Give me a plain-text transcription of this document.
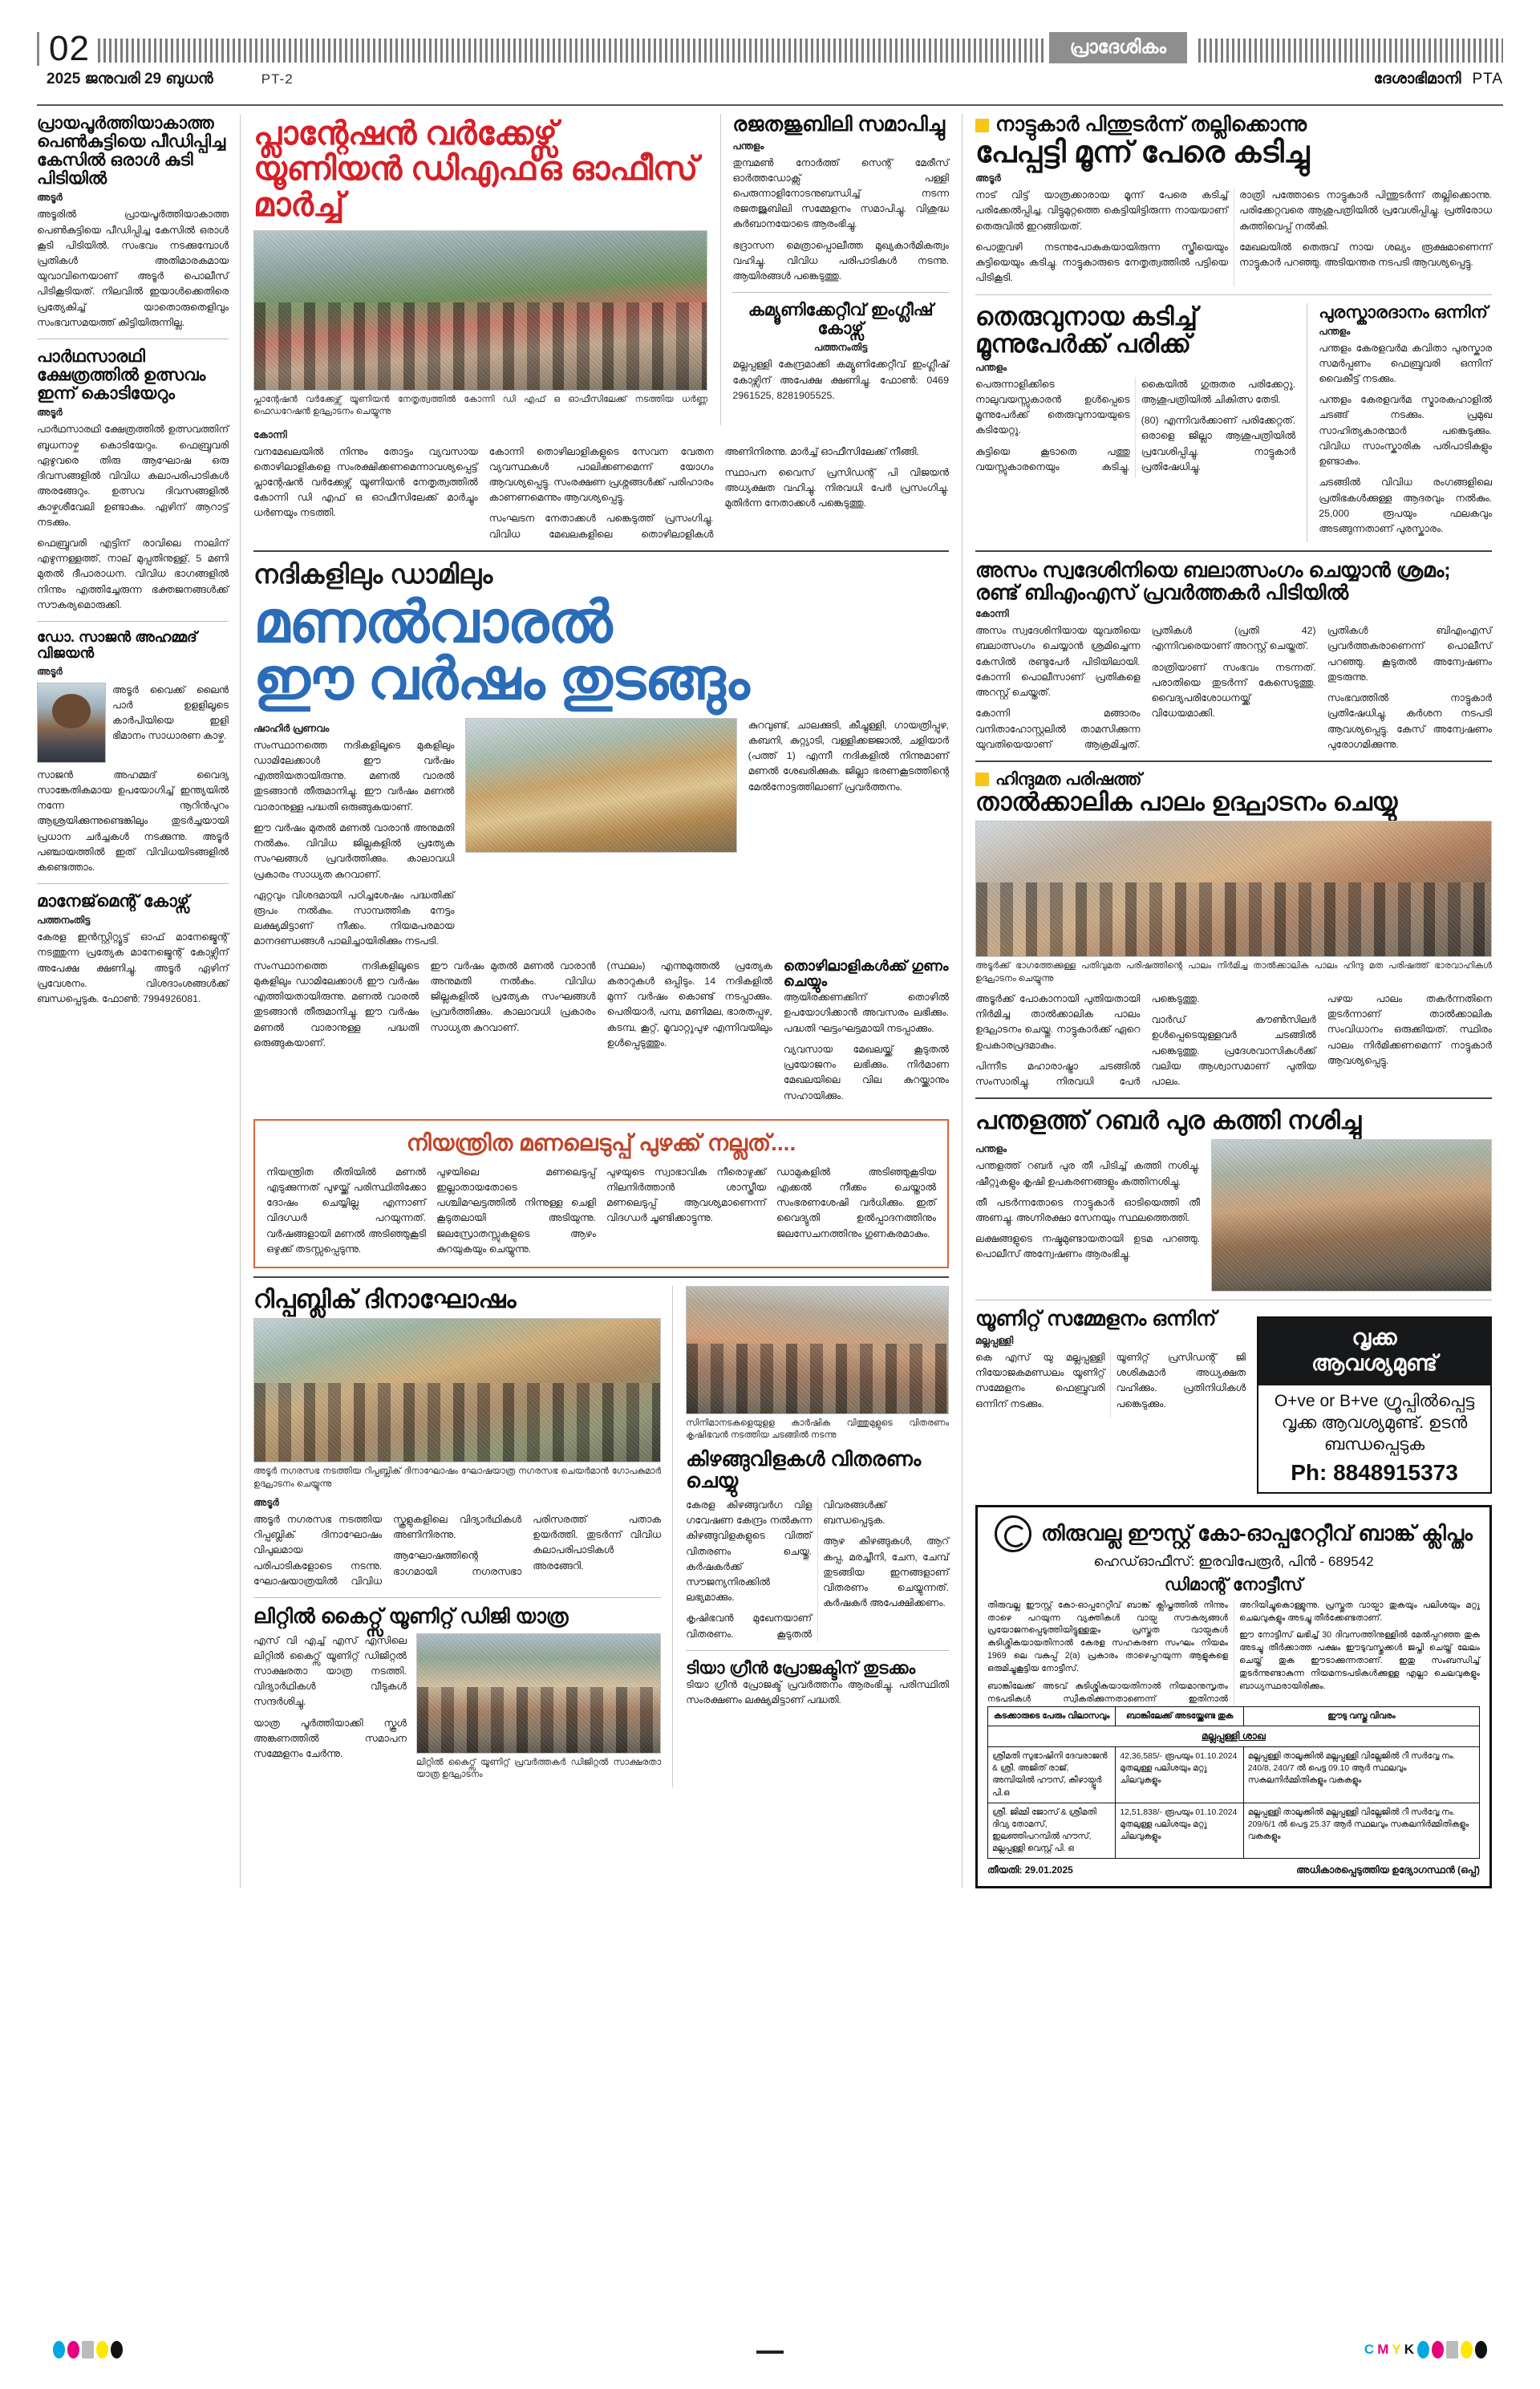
02	പ്രാദേശികം
2025 ജനുവരി 29 ബുധൻ	PT-2	ദേശാഭിമാനി PTA
പ്രായപൂർത്തിയാകാത്ത പെൺകുട്ടിയെ പീഡിപ്പിച്ച കേസിൽ ഒരാൾ കുടി പിടിയിൽ
അടൂർ

അടൂരിൽ പ്രായപൂർത്തിയാകാത്ത പെൺകുട്ടിയെ പീഡിപ്പിച്ച കേസിൽ ഒരാൾ കൂടി പിടിയിൽ. സംഭവം നടക്കുമ്പോൾ പ്രതികൾ അതിമാരകമായ യുവാവിനെയാണ് അടൂർ പൊലീസ് പിടികൂടിയത്. നിലവിൽ ഇയാൾക്കെതിരെ പ്രത്യേകിച്ച് യാതൊരുതെളിവും സംഭവസമയത്ത് കിട്ടിയിരുന്നില്ല.

പാർഥസാരഥി ക്ഷേത്രത്തിൽ ഉത്സവം ഇന്ന് കൊടിയേറും
അടൂർ

പാർഥസാരഥി ക്ഷേത്രത്തിൽ ഉത്സവത്തിന് ബുധനാഴ്ച കൊടിയേറും. ഫെബ്രുവരി ഏഴുവരെ തിരു ആഘോഷ ഒരു ദിവസങ്ങളിൽ വിവിധ കലാപരിപാടികൾ അരങ്ങേറും. ഉത്സവ ദിവസങ്ങളിൽ കാഴ്ചശീവേലി ഉണ്ടാകും. ഏഴിന് ആറാട്ട് നടക്കും.

ഫെബ്രുവരി എട്ടിന് രാവിലെ നാലിന് എഴുന്നള്ളത്ത്, നാല് മുപ്പതിനുള്ള്, 5 മണി മുതൽ ദീപാരാധന. വിവിധ ഭാഗങ്ങളിൽ നിന്നും എത്തിച്ചേരുന്ന ഭക്തജനങ്ങൾക്ക് സൗകര്യമൊരുക്കി.

ഡോ. സാജൻ അഹമ്മദ് വിജയൻ
അടൂർ

അടൂർ വൈക്ക് ലൈൻ പാർ ഉളളിലൂടെ കാർപിയിയെ ഇളി ഭിമാനം സാധാരണ കാഴ്ച.

സാജൻ അഹമ്മദ് വൈദ്യ സാങ്കേതികമായ ഉപയോഗിച്ച് ഇന്ത്യയിൽ നന്നേ നൂറിൻപുറം ആശ്രയിക്കുന്നുണ്ടെങ്കിലും തുടർച്ചയായി പ്രധാന ചർച്ചകൾ നടക്കുന്നു. അടൂർ പഞ്ചായത്തിൽ ഇത് വിവിധയിടങ്ങളിൽ കണ്ടെത്താം.

മാനേജ്‌മെന്റ് കോഴ്സ്
പത്തനംതിട്ട

കേരള ഇൻസ്റ്റിറ്റ്യൂട്ട് ഓഫ് മാനേജ്മെന്റ് നടത്തുന്ന പ്രത്യേക മാനേജ്മെന്റ് കോഴ്സിന് അപേക്ഷ ക്ഷണിച്ചു. അടൂർ ഏഴിന് പ്രവേശനം. വിശദാംശങ്ങൾക്ക് ബന്ധപ്പെടുക. ഫോൺ: 7994926081.

പ്ലാന്റേഷൻ വർക്കേഴ്സ് യൂണിയൻ ഡിഎഫ്ഒ ഓഫീസ് മാർച്ച്
പ്ലാന്റേഷൻ വർക്കേഴ്സ് യൂണിയൻ നേതൃത്വത്തിൽ കോന്നി ഡി എഫ് ഒ ഓഫീസിലേക്ക് നടത്തിയ ധർണ്ണ ഫെഡറേഷൻ ഉദ്ഘാടനം ചെയ്യുന്നു
രജതജുബിലി സമാപിച്ചു
പന്തളം

തുമ്പമൺ നോർത്ത് സെന്റ് മേരീസ് ഓർത്തഡോക്സ് പള്ളി പെരുന്നാളിനോടനുബന്ധിച്ച് നടന്ന രജതജുബിലി സമ്മേളനം സമാപിച്ചു. വിശുദ്ധ കുർബാനയോടെ ആരംഭിച്ചു.

ഭദ്രാസന മെത്രാപ്പൊലീത്ത മുഖ്യകാർമികത്വം വഹിച്ചു. വിവിധ പരിപാടികൾ നടന്നു. ആയിരങ്ങൾ പങ്കെടുത്തു.

കമ്യൂണിക്കേറ്റീവ് ഇംഗ്ലീഷ് കോഴ്സ്
പത്തനംതിട്ട

മല്ലപ്പള്ളി കേന്ദ്രമാക്കി കമ്യൂണിക്കേറ്റീവ് ഇംഗ്ലീഷ് കോഴ്സിന് അപേക്ഷ ക്ഷണിച്ചു. ഫോൺ: 0469 2961525, 8281905525.

കോന്നി

വനമേഖലയിൽ നിന്നും തോട്ടം വ്യവസായ തൊഴിലാളികളെ സംരക്ഷിക്കണമെന്നാവശ്യപ്പെട്ട് പ്ലാന്റേഷൻ വർക്കേഴ്സ് യൂണിയൻ നേതൃത്വത്തിൽ കോന്നി ഡി എഫ് ഒ ഓഫീസിലേക്ക് മാർച്ചും ധർണയും നടത്തി.

കോന്നി തൊഴിലാളികളുടെ സേവന വേതന വ്യവസ്ഥകൾ പാലിക്കണമെന്ന് യോഗം ആവശ്യപ്പെട്ടു. സംരക്ഷണ പ്രശ്നങ്ങൾക്ക് പരിഹാരം കാണണമെന്നും ആവശ്യപ്പെട്ടു.

സംഘടന നേതാക്കൾ പങ്കെടുത്ത് പ്രസംഗിച്ചു. വിവിധ മേഖലകളിലെ തൊഴിലാളികൾ അണിനിരന്നു. മാർച്ച് ഓഫീസിലേക്ക് നീങ്ങി.

സ്ഥാപന വൈസ് പ്രസിഡന്റ് പി വിജയൻ അധ്യക്ഷത വഹിച്ചു. നിരവധി പേർ പ്രസംഗിച്ചു. മുതിർന്ന നേതാക്കൾ പങ്കെടുത്തു.

നദികളിലും ഡാമിലും
മണൽവാരൽ
ഈ വർഷം തുടങ്ങും
ഷാഹിർ പ്രണവം

സംസ്ഥാനത്തെ നദികളിലൂടെ മുകളിലും ഡാമിലേക്കാൾ ഈ വർഷം എത്തിയതായിരുന്നു. മണൽ വാരൽ തുടങ്ങാൻ തീരുമാനിച്ചു. ഈ വർഷം മണൽ വാരാനുള്ള പദ്ധതി ഒരുങ്ങുകയാണ്.

ഈ വർഷം മുതൽ മണൽ വാരാൻ അനുമതി നൽകും. വിവിധ ജില്ലകളിൽ പ്രത്യേക സംഘങ്ങൾ പ്രവർത്തിക്കും. കാലാവധി പ്രകാരം സാധ്യത കുറവാണ്.

ഏറ്റവും വിശദമായി പഠിച്ചശേഷം പദ്ധതിക്ക് രൂപം നൽകും. സാമ്പത്തിക നേട്ടം ലക്ഷ്യമിട്ടാണ് നീക്കം. നിയമപരമായ മാനദണ്ഡങ്ങൾ പാലിച്ചായിരിക്കും നടപടി.

കുറവുണ്ട്, ചാലക്കുടി, കീച്ചുള്ളി, ഗായത്രിപ്പുഴ, കബനി, കുറ്റ്യാടി, വള്ളിക്കജ്ജാൽ, ചളിയാർ (പത്ത് 1) എന്നീ നദികളിൽ നിന്നുമാണ് മണൽ ശേഖരിക്കുക. ജില്ലാ ഭരണകൂടത്തിന്റെ മേൽനോട്ടത്തിലാണ് പ്രവർത്തനം.

സംസ്ഥാനത്തെ നദികളിലൂടെ മുകളിലും ഡാമിലേക്കാൾ ഈ വർഷം എത്തിയതായിരുന്നു. മണൽ വാരൽ തുടങ്ങാൻ തീരുമാനിച്ചു. ഈ വർഷം മണൽ വാരാനുള്ള പദ്ധതി ഒരുങ്ങുകയാണ്.

ഈ വർഷം മുതൽ മണൽ വാരാൻ അനുമതി നൽകും. വിവിധ ജില്ലകളിൽ പ്രത്യേക സംഘങ്ങൾ പ്രവർത്തിക്കും. കാലാവധി പ്രകാരം സാധ്യത കുറവാണ്.

(സ്ഥലം) എന്നുമുത്തൽ പ്രത്യേക കരാറുകൾ ഒപ്പിടും. 14 നദികളിൽ മുന്ന് വർഷം കൊണ്ട് നടപ്പാക്കും. പെരിയാർ, പമ്പ, മണിമല, ഭാരതപ്പുഴ, കടമ്പ, കൂറ്റ്, മൂവാറ്റുപുഴ എന്നിവയിലും ഉൾപ്പെടുത്തും.

തൊഴിലാളികൾക്ക് ഗുണം ചെയ്യും

ആയിരക്കണക്കിന് തൊഴിൽ ഉപയോഗിക്കാൻ അവസരം ലഭിക്കും. പദ്ധതി ഘട്ടംഘട്ടമായി നടപ്പാക്കും.

വ്യവസായ മേഖലയ്ക്ക് കൂടുതൽ പ്രയോജനം ലഭിക്കും. നിർമാണ മേഖലയിലെ വില കുറയ്ക്കാനും സഹായിക്കും.

നിയന്ത്രിത മണലെടുപ്പ് പുഴക്ക് നല്ലത്....

നിയന്ത്രിത രീതിയിൽ മണൽ എടുക്കുന്നത് പുഴയ്ക്ക് പരിസ്ഥിതിക്കോ ദോഷം ചെയ്യില്ല എന്നാണ് വിദഗ്ധർ പറയുന്നത്. വർഷങ്ങളായി മണൽ അടിഞ്ഞുകൂടി ഒഴുക്ക് തടസ്സപ്പെടുന്നു.

പുഴയിലെ മണലെടുപ്പ് ഇല്ലാതായതോടെ പശ്ചിമഘട്ടത്തിൽ നിന്നുള്ള ചെളി കൂടുതലായി അടിയുന്നു. ജലസ്രോതസ്സുകളുടെ ആഴം കുറയുകയും ചെയ്യുന്നു.

പുഴയുടെ സ്വാഭാവിക നീരൊഴുക്ക് നിലനിർത്താൻ ശാസ്ത്രീയ മണലെടുപ്പ് ആവശ്യമാണെന്ന് വിദഗ്ധർ ചൂണ്ടിക്കാട്ടുന്നു.

ഡാമുകളിൽ അടിഞ്ഞുകൂടിയ എക്കൽ നീക്കം ചെയ്താൽ സംഭരണശേഷി വർധിക്കും. ഇത് വൈദ്യുതി ഉൽപ്പാദനത്തിനും ജലസേചനത്തിനും ഗുണകരമാകും.

റിപ്പബ്ലിക് ദിനാഘോഷം
അടൂർ നഗരസഭ നടത്തിയ റിപ്പബ്ലിക് ദിനാഘോഷം ഘോഷയാത്ര നഗരസഭ ചെയർമാൻ ഗോപകുമാർ ഉദ്ഘാടനം ചെയ്യുന്നു
അടൂർ

അടൂർ നഗരസഭ നടത്തിയ റിപ്പബ്ലിക് ദിനാഘോഷം വിപുലമായ പരിപാടികളോടെ നടന്നു. ഘോഷയാത്രയിൽ വിവിധ സ്കൂളുകളിലെ വിദ്യാർഥികൾ അണിനിരന്നു.

ആഘോഷത്തിന്റെ ഭാഗമായി നഗരസഭാ പരിസരത്ത് പതാക ഉയർത്തി. തുടർന്ന് വിവിധ കലാപരിപാടികൾ അരങ്ങേറി.

ലിറ്റിൽ കൈറ്റ്സ് യൂണിറ്റ് ഡിജി യാത്ര

എസ് വി എച്ച് എസ് എസിലെ ലിറ്റിൽ കൈറ്റ്സ് യൂണിറ്റ് ഡിജിറ്റൽ സാക്ഷരതാ യാത്ര നടത്തി. വിദ്യാർഥികൾ വീടുകൾ സന്ദർശിച്ചു.

യാത്ര പൂർത്തിയാക്കി സ്കൂൾ അങ്കണത്തിൽ സമാപന സമ്മേളനം ചേർന്നു.

ലിറ്റിൽ കൈറ്റ്സ് യൂണിറ്റ് പ്രവർത്തകർ ഡിജിറ്റൽ സാക്ഷരതാ യാത്ര ഉദ്ഘാടനം
സിനിമാനടകളെയുളള കാർഷിക വിത്തുമുളുടെ വിതരണം കൃഷിഭവൻ നടത്തിയ ചടങ്ങിൽ നടന്നു
കിഴങ്ങുവിളകൾ വിതരണം ചെയ്യു

കേരള കിഴങ്ങുവർഗ വിള ഗവേഷണ കേന്ദ്രം നൽകുന്ന കിഴങ്ങുവിളകളുടെ വിത്ത് വിതരണം ചെയ്തു. കർഷകർക്ക് സൗജന്യനിരക്കിൽ ലഭ്യമാക്കും.

കൃഷിഭവൻ മുഖേനയാണ് വിതരണം. കൂടുതൽ വിവരങ്ങൾക്ക് ബന്ധപ്പെടുക.

ആഴ കിഴങ്ങുകൾ, ആറ് കപ്പ, മരച്ചീനി, ചേന, ചേമ്പ് തുടങ്ങിയ ഇനങ്ങളാണ് വിതരണം ചെയ്യുന്നത്. കർഷകർ അപേക്ഷിക്കണം.

ടിയാ ഗ്രീൻ പ്രോജക്ടിന് തുടക്കം

ടിയാ ഗ്രീൻ പ്രോജക്ട് പ്രവർത്തനം ആരംഭിച്ചു. പരിസ്ഥിതി സംരക്ഷണം ലക്ഷ്യമിട്ടാണ് പദ്ധതി.

നാട്ടുകാർ പിന്തുടർന്ന് തല്ലിക്കൊന്നു
പേപ്പട്ടി മൂന്ന് പേരെ കടിച്ചു
അടൂർ

നാട് വിട്ട് യാത്രക്കാരായ മൂന്ന് പേരെ കടിച്ച് പരിക്കേൽപ്പിച്ച. വിട്ടുമുറ്റത്തെ കെട്ടിയിട്ടിരുന്ന നായയാണ് തെരുവിൽ ഇറങ്ങിയത്.

പൊതുവഴി നടന്നുപോകുകയായിരുന്ന സ്ത്രീയെയും കുട്ടിയെയും കടിച്ചു. നാട്ടുകാരുടെ നേതൃത്വത്തിൽ പട്ടിയെ പിടികൂടി.

രാത്രി പത്തോടെ നാട്ടുകാർ പിന്തുടർന്ന് തല്ലിക്കൊന്നു. പരിക്കേറ്റവരെ ആശുപത്രിയിൽ പ്രവേശിപ്പിച്ചു. പ്രതിരോധ കുത്തിവെപ്പ് നൽകി.

മേഖലയിൽ തെരുവ് നായ ശല്യം രൂക്ഷമാണെന്ന് നാട്ടുകാർ പറഞ്ഞു. അടിയന്തര നടപടി ആവശ്യപ്പെട്ടു.

തെരുവുനായ കടിച്ച് മൂന്നുപേർക്ക് പരിക്ക്
പന്തളം

പെരുന്നാളിക്കിടെ നാലുവയസ്സുകാരൻ ഉൾപ്പെടെ മൂന്നുപേർക്ക് തെരുവുനായയുടെ കടിയേറ്റു.

കുട്ടിയെ കൂടാതെ പത്തു വയസ്സുകാരനെയും കടിച്ചു. കൈയിൽ ഗുരുതര പരിക്കേറ്റു. ആശുപത്രിയിൽ ചികിത്സ തേടി.

(80) എന്നിവർക്കാണ് പരിക്കേറ്റത്. ഒരാളെ ജില്ലാ ആശുപത്രിയിൽ പ്രവേശിപ്പിച്ചു. നാട്ടുകാർ പ്രതിഷേധിച്ചു.

പുരസ്കാരദാനം ഒന്നിന്
പന്തളം

പന്തളം കേരളവർമ കവിതാ പുരസ്കാര സമർപ്പണം ഫെബ്രുവരി ഒന്നിന് വൈകീട്ട് നടക്കും.

പന്തളം കേരളവർമ സ്മാരകഹാളിൽ ചടങ്ങ് നടക്കും. പ്രമുഖ സാഹിത്യകാരന്മാർ പങ്കെടുക്കും. വിവിധ സാംസ്കാരിക പരിപാടികളും ഉണ്ടാകും.

ചടങ്ങിൽ വിവിധ രംഗങ്ങളിലെ പ്രതിഭകൾക്കുള്ള ആദരവും നൽകും. 25,000 രൂപയും ഫലകവും അടങ്ങുന്നതാണ് പുരസ്കാരം.

അസം സ്വദേശിനിയെ ബലാത്സംഗം ചെയ്യാൻ ശ്രമം; രണ്ട് ബിഎംഎസ് പ്രവർത്തകർ പിടിയിൽ
കോന്നി

അസം സ്വദേശിനിയായ യുവതിയെ ബലാത്സംഗം ചെയ്യാൻ ശ്രമിച്ചെന്ന കേസിൽ രണ്ടുപേർ പിടിയിലായി. കോന്നി പൊലീസാണ് പ്രതികളെ അറസ്റ്റ് ചെയ്തത്.

കോന്നി മങ്ങാരം വനിതാഹോസ്റ്റലിൽ താമസിക്കുന്ന യുവതിയെയാണ് ആക്രമിച്ചത്. പ്രതികൾ (പ്രതി 42) എന്നിവരെയാണ് അറസ്റ്റ് ചെയ്തത്.

രാത്രിയാണ് സംഭവം നടന്നത്. പരാതിയെ തുടർന്ന് കേസെടുത്തു. വൈദ്യപരിശോധനയ്ക്ക് വിധേയമാക്കി.

പ്രതികൾ ബിഎംഎസ് പ്രവർത്തകരാണെന്ന് പൊലീസ് പറഞ്ഞു. കൂടുതൽ അന്വേഷണം തുടരുന്നു.

സംഭവത്തിൽ നാട്ടുകാർ പ്രതിഷേധിച്ചു. കർശന നടപടി ആവശ്യപ്പെട്ടു. കേസ് അന്വേഷണം പുരോഗമിക്കുന്നു.

ഹിന്ദുമത പരിഷത്ത്
താൽക്കാലിക പാലം ഉദ്ഘാടനം ചെയ്യു
അടൂർക്ക് ഭാഗത്തേക്കുള്ള പതിവുമത പരിഷത്തിന്റെ പാലം നിർമിച്ച താൽക്കാലിക പാലം ഹിന്ദു മത പരിഷത്ത് ഭാരവാഹികൾ ഉദ്ഘാടനം ചെയ്യുന്നു

അടൂർക്ക് പോകാനായി പുതിയതായി നിർമിച്ച താൽക്കാലിക പാലം ഉദ്ഘാടനം ചെയ്തു. നാട്ടുകാർക്ക് ഏറെ ഉപകാരപ്രദമാകും.

പിന്നീട മഹാരാഷ്ട്രാ ചടങ്ങിൽ സംസാരിച്ചു. നിരവധി പേർ പങ്കെടുത്തു.

വാർഡ് കൗൺസിലർ ഉൾപ്പെടെയുള്ളവർ ചടങ്ങിൽ പങ്കെടുത്തു. പ്രദേശവാസികൾക്ക് വലിയ ആശ്വാസമാണ് പുതിയ പാലം.

പഴയ പാലം തകർന്നതിനെ തുടർന്നാണ് താൽക്കാലിക സംവിധാനം ഒരുക്കിയത്. സ്ഥിരം പാലം നിർമിക്കണമെന്ന് നാട്ടുകാർ ആവശ്യപ്പെട്ടു.

പന്തളത്ത് റബർ പുര കത്തി നശിച്ചു
പന്തളം

പന്തളത്ത് റബർ പുര തീ പിടിച്ച് കത്തി നശിച്ചു. ഷീറ്റുകളും കൃഷി ഉപകരണങ്ങളും കത്തിനശിച്ചു.

തീ പടർന്നതോടെ നാട്ടുകാർ ഓടിയെത്തി തീ അണച്ചു. അഗ്നിരക്ഷാ സേനയും സ്ഥലത്തെത്തി.

ലക്ഷങ്ങളുടെ നഷ്ടമുണ്ടായതായി ഉടമ പറഞ്ഞു. പൊലീസ് അന്വേഷണം ആരംഭിച്ചു.

യൂണിറ്റ് സമ്മേളനം ഒന്നിന്
മല്ലപ്പള്ളി

കെ എസ് യു മല്ലപ്പള്ളി നിയോജകമണ്ഡലം യൂണിറ്റ് സമ്മേളനം ഫെബ്രുവരി ഒന്നിന് നടക്കും.

യൂണിറ്റ് പ്രസിഡന്റ് ജി ശശികുമാർ അധ്യക്ഷത വഹിക്കും. പ്രതിനിധികൾ പങ്കെടുക്കും.

വൃക്ക
ആവശ്യമുണ്ട്
O+ve or B+ve ഗ്രൂപ്പിൽപ്പെട്ട വൃക്ക ആവശ്യമുണ്ട്. ഉടൻ ബന്ധപ്പെടുക
Ph: 8848915373
തിരുവല്ല ഈസ്റ്റ് കോ-ഓപ്പറേറ്റീവ് ബാങ്ക് ക്ലിപ്തം
ഹെഡ്ഓഫീസ്: ഇരവിപേരൂർ, പിൻ - 689542
ഡിമാന്റ് നോട്ടീസ്

തിരുവല്ല ഈസ്റ്റ് കോ-ഓപ്പറേറ്റീവ് ബാങ്ക് ക്ലിപ്തത്തിൽ നിന്നും താഴെ പറയുന്ന വ്യക്തികൾ വായ്പ സൗകര്യങ്ങൾ പ്രയോജനപ്പെടുത്തിയിട്ടുള്ളതും പ്രസ്തുത വായ്പകൾ കുടിശ്ശികയായതിനാൽ കേരള സഹകരണ സംഘം നിയമം 1969 ലെ വകുപ്പ് 2(a) പ്രകാരം താഴെപ്പറയുന്ന ആളുകളെ ഒരുമിച്ചുകൂട്ടിയ നോട്ടീസ്.

ബാങ്കിലേക്ക് അടവ് കുടിശ്ശികയായതിനാൽ നിയമാനുസൃതം നടപടികൾ സ്വീകരിക്കുന്നതാണെന്ന് ഇതിനാൽ അറിയിച്ചുകൊള്ളുന്നു. പ്രസ്തുത വായ്പാ തുകയും പലിശയും മറ്റു ചെലവുകളും അടച്ചു തീർക്കേണ്ടതാണ്.

ഈ നോട്ടീസ് ലഭിച്ച് 30 ദിവസത്തിനുള്ളിൽ മേൽപ്പറഞ്ഞ തുക അടച്ചു തീർക്കാത്ത പക്ഷം ഈടുവസ്തുക്കൾ ജപ്തി ചെയ്ത് ലേലം ചെയ്ത് തുക ഈടാക്കുന്നതാണ്. ഇതു സംബന്ധിച്ച് തുടർന്നുണ്ടാകുന്ന നിയമനടപടികൾക്കുള്ള എല്ലാ ചെലവുകളും ബാധ്യസ്ഥരായിരിക്കും.

കടക്കാരുടെ പേരും വിലാസവും	ബാങ്കിലേക്ക് അടയ്ക്കേണ്ട തുക	ഈടു വസ്തു വിവരം
മല്ലപ്പള്ളി ശാഖ		
ശ്രീമതി സുഭാഷിനി ദേവരാജൻ & ശ്രീ. അജിത് രാജ്, അമ്പിയിൽ ഹൗസ്, കീഴായ്പ്പൂർ പി.ഒ	42,36,585/- രൂപയും 01.10.2024 മുതലുള്ള പലിശയും മറ്റു ചിലവുകളും	മല്ലപ്പള്ളി താലൂക്കിൽ മല്ലപ്പള്ളി വില്ലേജിൽ റീ സർവ്വേ നം. 240/8, 240/7 ൽ പെട്ട 09.10 ആർ സ്ഥലവും സകലനിർമ്മിതികളും വകകളും
ശ്രീ. ജിമ്മി ജോസ് & ശ്രീമതി ദിവ്യ തോമസ്, ഇലഞ്ഞിപറമ്പിൽ ഹൗസ്, മല്ലപ്പള്ളി വെസ്റ്റ് പി. ഒ	12,51,838/- രൂപയും 01.10.2024 മുതലുള്ള പലിശയും മറ്റു ചിലവുകളും	മല്ലപ്പള്ളി താലൂക്കിൽ മല്ലപ്പള്ളി വില്ലേജിൽ റീ സർവ്വേ നം. 209/6/1 ൽ പെട്ട 25.37 ആർ സ്ഥലവും സകലനിർമ്മിതികളും വകകളും
തീയതി: 29.01.2025	അധികാരപ്പെടുത്തിയ ഉദ്യോഗസ്ഥൻ (ഒപ്പ്)
C M Y K
